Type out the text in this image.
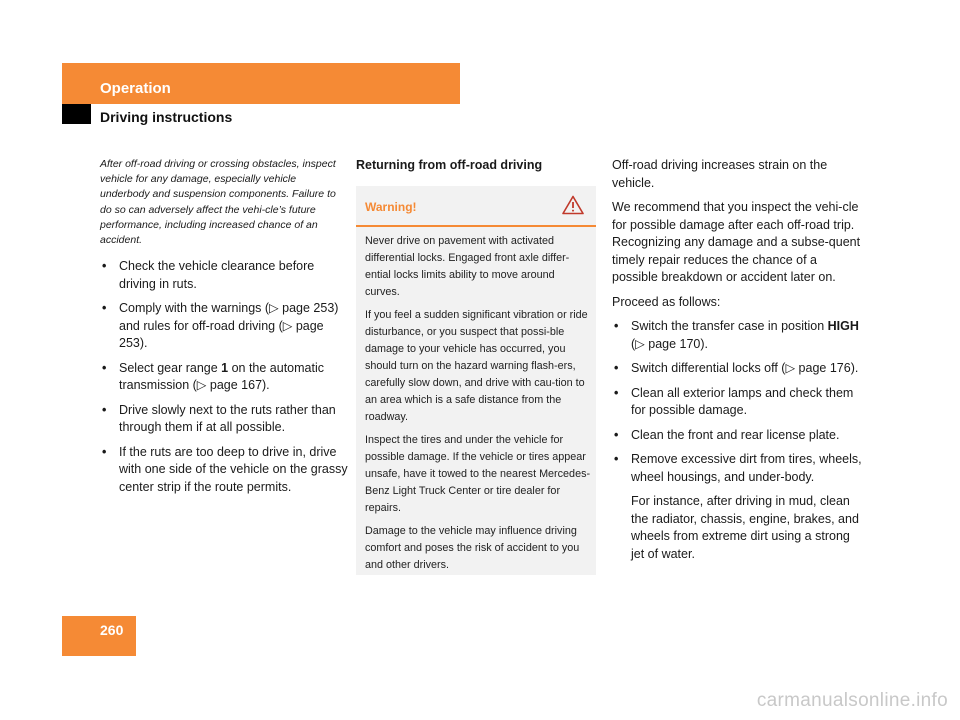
Operation
Driving instructions

After off-road driving or crossing obstacles, inspect vehicle for any damage, especially vehicle underbody and suspension components. Failure to do so can adversely affect the vehi-cle’s future performance, including increased chance of an accident.

• Check the vehicle clearance before driving in ruts.
• Comply with the warnings (▷ page 253) and rules for off-road driving (▷ page 253).
• Select gear range 1 on the automatic transmission (▷ page 167).
• Drive slowly next to the ruts rather than through them if at all possible.
• If the ruts are too deep to drive in, drive with one side of the vehicle on the grassy center strip if the route permits.

Returning from off-road driving

Warning!

Never drive on pavement with activated differential locks. Engaged front axle differ-ential locks limits ability to move around curves.

If you feel a sudden significant vibration or ride disturbance, or you suspect that possi-ble damage to your vehicle has occurred, you should turn on the hazard warning flash-ers, carefully slow down, and drive with cau-tion to an area which is a safe distance from the roadway.

Inspect the tires and under the vehicle for possible damage. If the vehicle or tires appear unsafe, have it towed to the nearest Mercedes-Benz Light Truck Center or tire dealer for repairs.

Damage to the vehicle may influence driving comfort and poses the risk of accident to you and other drivers.

Off-road driving increases strain on the vehicle.

We recommend that you inspect the vehi-cle for possible damage after each off-road trip. Recognizing any damage and a subse-quent timely repair reduces the chance of a possible breakdown or accident later on.

Proceed as follows:

• Switch the transfer case in position HIGH (▷ page 170).
• Switch differential locks off (▷ page 176).
• Clean all exterior lamps and check them for possible damage.
• Clean the front and rear license plate.
• Remove excessive dirt from tires, wheels, wheel housings, and under-body.

For instance, after driving in mud, clean the radiator, chassis, engine, brakes, and wheels from extreme dirt using a strong jet of water.

260
carmanualsonline.info
